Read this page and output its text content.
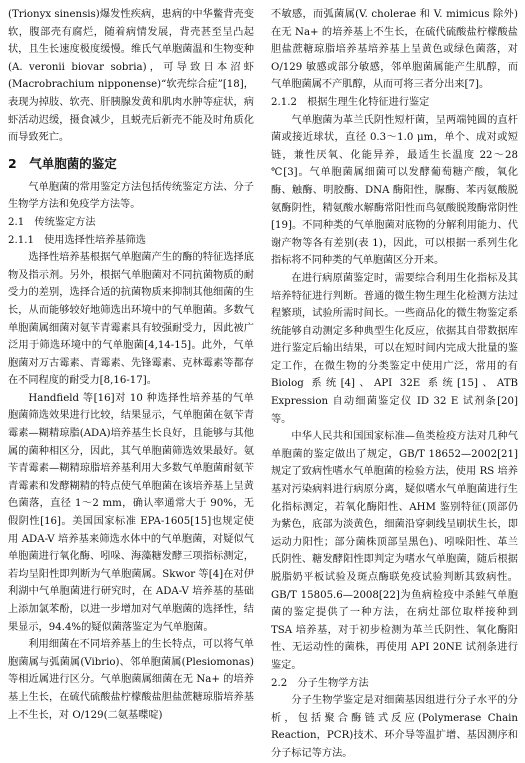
(Trionyx sinensis)爆发性疾病，患病的中华鳖背壳变软，腹部壳有腐烂，随着病情发展，背壳甚至呈凸起状，且生长速度极度缓慢。维氏气单胞菌温和生物变种(A. veronii biovar sobria)，可导致日本沼虾(Macrobrachium nipponense)“软壳综合症”[18]，表现为掉肢、软壳、肝胰腺发黄和肌肉水肿等症状，病虾活动迟缓，摄食减少，且蜕壳后新壳不能及时角质化而导致死亡。

2　气单胞菌的鉴定

气单胞菌的常用鉴定方法包括传统鉴定方法、分子生物学方法和免疫学方法等。

2.1　传统鉴定方法
2.1.1　使用选择性培养基筛选

选择性培养基根据气单胞菌产生的酶的特征选择底物及指示剂。另外，根据气单胞菌对不同抗菌物质的耐受力的差别，选择合适的抗菌物质来抑制其他细菌的生长，从而能够较好地筛选出环境中的气单胞菌。多数气单胞菌属细菌对氨苄青霉素具有较强耐受力，因此被广泛用于筛选环境中的气单胞菌[4,14-15]。此外，气单胞菌对万古霉素、青霉素、先锋霉素、克林霉素等都存在不同程度的耐受力[8,16-17]。

Handfield 等[16]对 10 种选择性培养基的气单胞菌筛选效果进行比较，结果显示，气单胞菌在氨苄青霉素—糊精琼脂(ADA)培养基生长良好，且能够与其他属的菌种相区分，因此，其气单胞菌筛选效果最好。氨苄青霉素—糊精琼脂培养基利用大多数气单胞菌耐氨苄青霉素和发酵糊精的特点使气单胞菌在该培养基上呈黄色菌落，直径 1～2 mm，确认率通常大于 90%，无假阴性[16]。美国国家标准 EPA-1605[15]也规定使用 ADA-V 培养基来筛选水体中的气单胞菌，对疑似气单胞菌进行氧化酶、吲哚、海藻糖发酵三项指标测定，若均呈阳性即判断为气单胞菌属。Skwor 等[4]在对伊利湖中气单胞菌进行研究时，在 ADA-V 培养基的基础上添加氯苯酚，以进一步增加对气单胞菌的选择性，结果显示，94.4%的疑似菌落鉴定为气单胞菌。

利用细菌在不同培养基上的生长特点，可以将气单胞菌属与弧菌属(Vibrio)、邻单胞菌属(Plesiomonas)等相近属进行区分。气单胞菌属细菌在无 Na+ 的培养基上生长，在硫代硫酸盐柠檬酸盐胆盐蔗糖琼脂培养基上不生长，对 O/129(二氨基喋啶)

不敏感，而弧菌属(V. cholerae 和 V. mimicus 除外)在无 Na+ 的培养基上不生长，在硫代硫酸盐柠檬酸盐胆盐蔗糖琼脂培养基培养基上呈黄色或绿色菌落，对 O/129 敏感或部分敏感，邻单胞菌属能产生肌醇，而气单胞菌属不产肌醇，从而可将三者分出来[7]。

2.1.2　根据生理生化特征进行鉴定

气单胞菌为革兰氏阴性短杆菌，呈两端钝圆的直杆菌或接近球状，直径 0.3～1.0 μm，单个、成对或短链，兼性厌氧、化能异养，最适生长温度 22～28 ℃[3]。气单胞菌属细菌可以发酵葡萄糖产酸，氧化酶、触酶、明胶酶、DNA 酶阳性，脲酶、苯丙氨酸脱氨酶阴性，精氨酸水解酶常阳性而鸟氨酸脱羧酶常阴性[19]。不同种类的气单胞菌对底物的分解利用能力、代谢产物等各有差别(表 1)，因此，可以根据一系列生化指标将不同种类的气单胞菌区分开来。

在进行病原菌鉴定时，需要综合利用生化指标及其培养特征进行判断。普通的微生物生理生化检测方法过程繁琐，试验所需时间长。一些商品化的微生物鉴定系统能够自动测定多种典型生化反应，依据其自带数据库进行鉴定后输出结果，可以在短时间内完成大批量的鉴定工作，在微生物的分类鉴定中使用广泛，常用的有 Biolog 系统[4]、API 32E 系统[15]、ATB Expression 自动细菌鉴定仪 ID 32 E 试剂条[20]等。

中华人民共和国国家标准—鱼类检疫方法对几种气单胞菌的鉴定做出了规定，GB/T 18652—2002[21]规定了致病性嗜水气单胞菌的检验方法，使用 RS 培养基对污染病料进行病原分离，疑似嗜水气单胞菌进行生化指标测定，若氧化酶阳性、AHM 鉴别特征(顶部仍为紫色，底部为淡黄色，细菌沿穿刺线呈刷状生长，即运动力阳性；部分菌株顶部呈黑色)、吲哚阳性、革兰氏阴性、糖发酵阳性即判定为嗜水气单胞菌，随后根据脱脂奶平板试验及斑点酶联免疫试验判断其致病性。GB/T 15805.6—2008[22]为鱼病检疫中杀鲑气单胞菌的鉴定提供了一种方法，在病灶部位取样接种到 TSA 培养基，对于初步检测为革兰氏阴性、氧化酶阳性、无运动性的菌株，再使用 API 20NE 试剂条进行鉴定。

2.2　分子生物学方法

分子生物学鉴定是对细菌基因组进行分子水平的分析，包括聚合酶链式反应(Polymerase Chain Reaction，PCR)技术、环介导等温扩增、基因测序和分子标记等方法。
